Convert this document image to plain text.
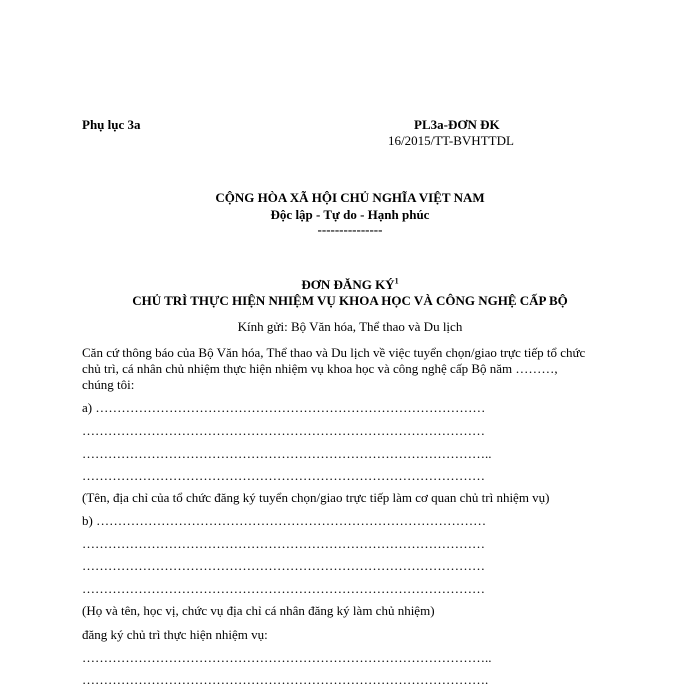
Phụ lục 3a	PL3a-ĐƠN ĐK
16/2015/TT-BVHTTDL
CỘNG HÒA XÃ HỘI CHỦ NGHĨA VIỆT NAM
Độc lập - Tự do - Hạnh phúc
---------------
ĐƠN ĐĂNG $KÝ^1$
CHỦ TRÌ THỰC HIỆN NHIỆM VỤ KHOA HỌC VÀ CÔNG NGHỆ CẤP BỘ
Kính gửi: Bộ Văn hóa, Thể thao và Du lịch
Căn cứ thông báo của Bộ Văn hóa, Thể thao và Du lịch về việc tuyển chọn/giao trực tiếp tổ chức
chủ trì, cá nhân chủ nhiệm thực hiện nhiệm vụ khoa học và công nghệ cấp Bộ năm ………,
chúng tôi:
a) ………………………………………………………………………………
…………………………………………………………………………………
…………………………………………………………………………………..
…………………………………………………………………………………
(Tên, địa chỉ của tổ chức đăng ký tuyển chọn/giao trực tiếp làm cơ quan chủ trì nhiệm vụ)
b) ………………………………………………………………………………
…………………………………………………………………………………
…………………………………………………………………………………
…………………………………………………………………………………
(Họ và tên, học vị, chức vụ địa chỉ cá nhân đăng ký làm chủ nhiệm)
đăng ký chủ trì thực hiện nhiệm vụ:
…………………………………………………………………………………..
………………………………………………………………………………….
